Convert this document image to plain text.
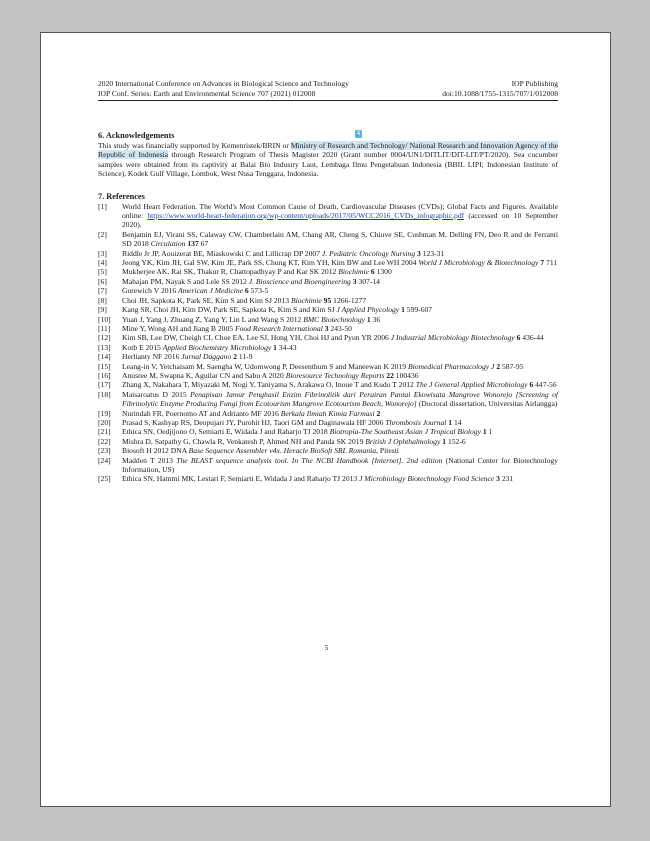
2020 International Conference on Advances in Biological Science and Technology	IOP Publishing
IOP Conf. Series: Earth and Environmental Science 707 (2021) 012008	doi:10.1088/1755-1315/707/1/012008
6. Acknowledgements	4
This study was financially supported by Kemenristek/BRIN or Ministry of Research and Technology/ National Research and Innovation Agency of the Republic of Indonesia through Research Program of Thesis Magister 2020 (Grant number 0004/UN1/DITLIT/DIT-LIT/PT/2020). Sea cucumber samples were obtained from its captivity at Balai Bio Industry Laut, Lembaga Ilmu Pengetahuan Indonesia (BBIL LIPI; Indonesian Institute of Science), Kodek Gulf Village, Lombok, West Nusa Tenggara, Indonesia.

7. References
[1]	World Heart Federation. The World's Most Common Cause of Death, Cardiovascular Diseases (CVDs); Global Facts and Figures. Available online: https://www.world-heart-federation.org/wp-content/uploads/2017/05/WCC2016_CVDs_infographic.pdf (accessed on 10 September 2020).
[2]	Benjamin EJ, Virani SS, Calaway CW, Chamberlain AM, Chang AR, Cheng S, Chiuve SE, Cushman M, Delling FN, Deo R and de Ferranti SD 2018 Circulation 137 67
[3]	Riddle Jr JP, Aouizerat BE, Miaskowski C and Lillicrap DP 2007 J. Pediatric Oncology Nursing 3 123-31
[4]	Jeong YK, Kim JH, Gal SW, Kim JE, Park SS, Chung KT, Kim YH, Kim BW and Lee WH 2004 World J Microbiology & Biotechnology 7 711
[5]	Mukherjee AK, Rai SK, Thakur R, Chattopadhyay P and Kar SK 2012 Biochimie 6 1300
[6]	Mahajan PM, Nayak S and Lele SS 2012 J. Bioscience and Bioengineering 3 307-14
[7]	Gurewich V 2016 American J Medicine 6 573-5
[8]	Choi JH, Sapkota K, Park SE, Kim S and Kim SJ 2013 Biochimie 95 1266-1277
[9]	Kang SR, Choi JH, Kim DW, Park SE, Sapkota K, Kim S and Kim SJ J Applied Phycology 1 599-607
[10]	Yuan J, Yang J, Zhuang Z, Yang Y, Lin L and Wang S 2012 BMC Biotechnology 1 36
[11]	Mine Y, Wong AH and Jiang B 2005 Food Research International 3 243-50
[12]	Kim SB, Lee DW, Cheigh CI, Choe EA, Lee SJ, Hong YH, Choi HJ and Pyun YR 2006 J Industrial Microbiology Biotechnology 6 436-44
[13]	Kotb E 2015 Applied Biochemistry Microbiology 1 34-43
[14]	Herlianty NF 2016 Jurnal Daggano 2 11-9
[15]	Leang-in V, Yetchaisam M, Saengha W, Udomwong P, Deesenthum S and Maneewan K 2019 Biomedical Pharmacology J 2 587-95
[16]	Anusree M, Swapna K, Aguilar CN and Sabu A 2020 Bioresource Technology Reports 22 100436
[17]	Zhang X, Nakahara T, Miyazaki M, Nogi Y, Taniyama S, Arakawa O, Inoue T and Kudo T 2012 The J General Applied Microbiology 6 447-56
[18]	Maisaroatus D 2015 Penapisan Jamur Penghasil Enzim Fibrinolitik dari Perairan Pantai Ekowisata Mangrove Wonorejo [Screening of Fibrinolytic Enzyme Producing Fungi from Ecotourism Mangrove Ecotourism Beach, Wonorejo] (Doctoral dissertation, Universitas Airlangga)
[19]	Nurindah FR, Poernomo AT and Adrianto MF 2016 Berkala Ilmiah Kimia Farmasi 2
[20]	Prasad S, Kashyap RS, Deopujari JY, Purohit HJ, Taori GM and Daginawala HF 2006 Thrombosis Journal 1 14
[21]	Ethica SN, Oedjijono O, Semiarti E, Widada J and Raharjo TJ 2018 Biotropia-The Southeast Asian J Tropical Biology 1 1
[22]	Mishra D, Satpathy G, Chawla R, Venkatesh P, Ahmed NH and Panda SK 2019 British J Ophthalmology 1 152-6
[23]	Biosoft H 2012 DNA Base Sequence Assembler v4x. Heracle BioSoft SRL Romania, Pitesti
[24]	Madden T 2013 The BLAST sequence analysis tool. In The NCBI Handbook [Internet]. 2nd edition (National Center for Biotechnology Information, US)
[25]	Ethica SN, Hammi MK, Lestari F, Semiarti E, Widada J and Raharjo TJ 2013 J Microbiology Biotechnology Food Science 3 231
5
